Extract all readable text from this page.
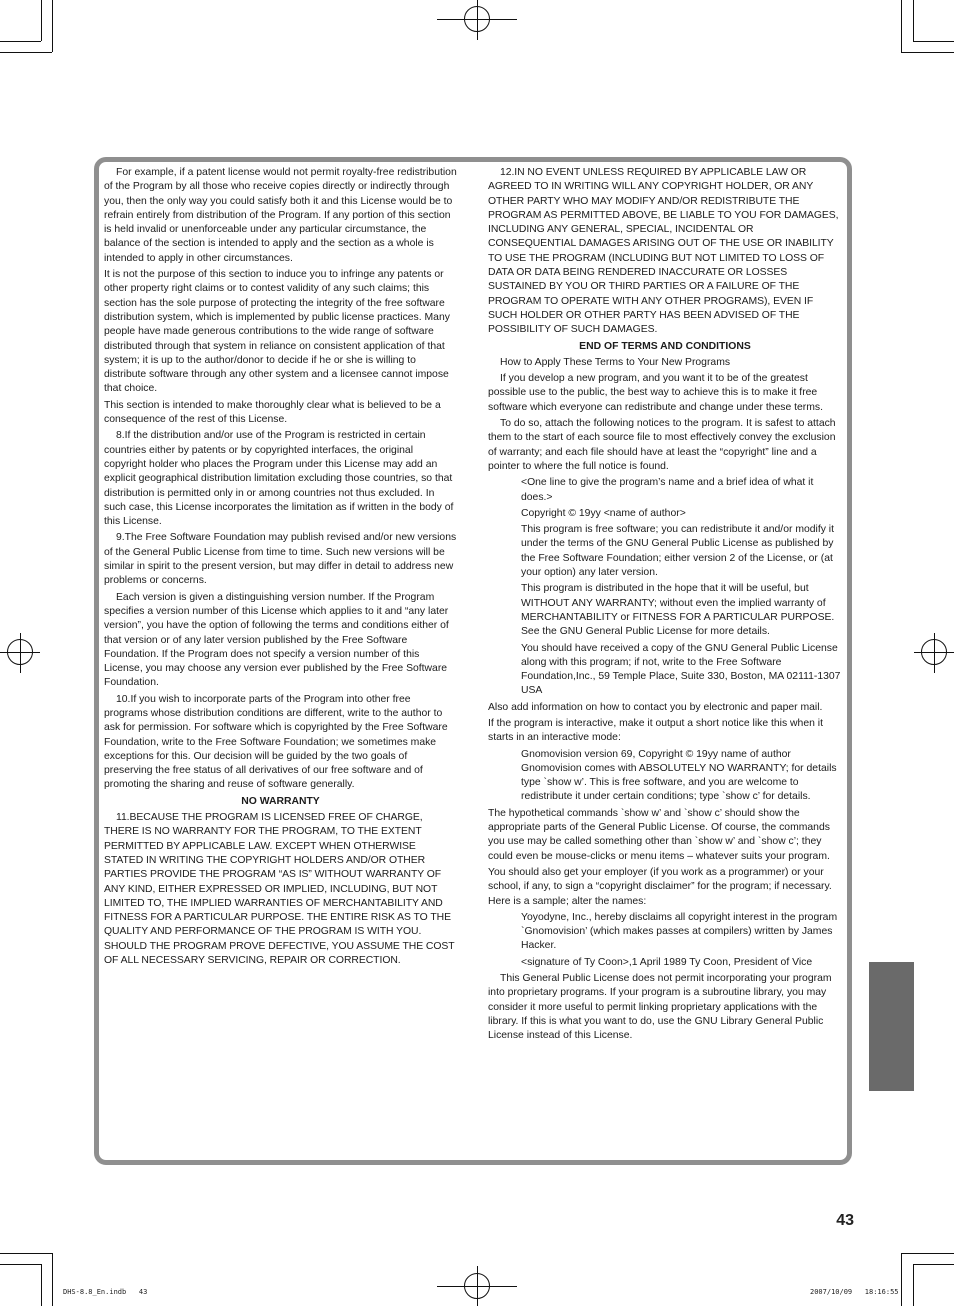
For example, if a patent license would not permit royalty-free redistribution of the Program by all those who receive copies directly or indirectly through you, then the only way you could satisfy both it and this License would be to refrain entirely from distribution of the Program. If any portion of this section is held invalid or unenforceable under any particular circumstance, the balance of the section is intended to apply and the section as a whole is intended to apply in other circumstances.

It is not the purpose of this section to induce you to infringe any patents or other property right claims or to contest validity of any such claims; this section has the sole purpose of protecting the integrity of the free software distribution system, which is implemented by public license practices. Many people have made generous contributions to the wide range of software distributed through that system in reliance on consistent application of that system; it is up to the author/donor to decide if he or she is willing to distribute software through any other system and a licensee cannot impose that choice.

This section is intended to make thoroughly clear what is believed to be a consequence of the rest of this License.

8.If the distribution and/or use of the Program is restricted in certain countries either by patents or by copyrighted interfaces, the original copyright holder who places the Program under this License may add an explicit geographical distribution limitation excluding those countries, so that distribution is permitted only in or among countries not thus excluded. In such case, this License incorporates the limitation as if written in the body of this License.

9.The Free Software Foundation may publish revised and/or new versions of the General Public License from time to time. Such new versions will be similar in spirit to the present version, but may differ in detail to address new problems or concerns.

Each version is given a distinguishing version number. If the Program specifies a version number of this License which applies to it and “any later version”, you have the option of following the terms and conditions either of that version or of any later version published by the Free Software Foundation. If the Program does not specify a version number of this License, you may choose any version ever published by the Free Software Foundation.

10.If you wish to incorporate parts of the Program into other free programs whose distribution conditions are different, write to the author to ask for permission. For software which is copyrighted by the Free Software Foundation, write to the Free Software Foundation; we sometimes make exceptions for this. Our decision will be guided by the two goals of preserving the free status of all derivatives of our free software and of promoting the sharing and reuse of software generally.

NO WARRANTY

11.BECAUSE THE PROGRAM IS LICENSED FREE OF CHARGE, THERE IS NO WARRANTY FOR THE PROGRAM, TO THE EXTENT PERMITTED BY APPLICABLE LAW. EXCEPT WHEN OTHERWISE STATED IN WRITING THE COPYRIGHT HOLDERS AND/OR OTHER PARTIES PROVIDE THE PROGRAM “AS IS” WITHOUT WARRANTY OF ANY KIND, EITHER EXPRESSED OR IMPLIED, INCLUDING, BUT NOT LIMITED TO, THE IMPLIED WARRANTIES OF MERCHANTABILITY AND FITNESS FOR A PARTICULAR PURPOSE. THE ENTIRE RISK AS TO THE QUALITY AND PERFORMANCE OF THE PROGRAM IS WITH YOU. SHOULD THE PROGRAM PROVE DEFECTIVE, YOU ASSUME THE COST OF ALL NECESSARY SERVICING, REPAIR OR CORRECTION.

12.IN NO EVENT UNLESS REQUIRED BY APPLICABLE LAW OR AGREED TO IN WRITING WILL ANY COPYRIGHT HOLDER, OR ANY OTHER PARTY WHO MAY MODIFY AND/OR REDISTRIBUTE THE PROGRAM AS PERMITTED ABOVE, BE LIABLE TO YOU FOR DAMAGES, INCLUDING ANY GENERAL, SPECIAL, INCIDENTAL OR CONSEQUENTIAL DAMAGES ARISING OUT OF THE USE OR INABILITY TO USE THE PROGRAM (INCLUDING BUT NOT LIMITED TO LOSS OF DATA OR DATA BEING RENDERED INACCURATE OR LOSSES SUSTAINED BY YOU OR THIRD PARTIES OR A FAILURE OF THE PROGRAM TO OPERATE WITH ANY OTHER PROGRAMS), EVEN IF SUCH HOLDER OR OTHER PARTY HAS BEEN ADVISED OF THE POSSIBILITY OF SUCH DAMAGES.

END OF TERMS AND CONDITIONS

How to Apply These Terms to Your New Programs

If you develop a new program, and you want it to be of the greatest possible use to the public, the best way to achieve this is to make it free software which everyone can redistribute and change under these terms.

To do so, attach the following notices to the program. It is safest to attach them to the start of each source file to most effectively convey the exclusion of warranty; and each file should have at least the “copyright” line and a pointer to where the full notice is found.

<One line to give the program’s name and a brief idea of what it does.>

Copyright © 19yy <name of author>

This program is free software; you can redistribute it and/or modify it under the terms of the GNU General Public License as published by the Free Software Foundation; either version 2 of the License, or (at your option) any later version.

This program is distributed in the hope that it will be useful, but WITHOUT ANY WARRANTY; without even the implied warranty of MERCHANTABILITY or FITNESS FOR A PARTICULAR PURPOSE. See the GNU General Public License for more details.

You should have received a copy of the GNU General Public License along with this program; if not, write to the Free Software Foundation,Inc., 59 Temple Place, Suite 330, Boston, MA 02111-1307 USA

Also add information on how to contact you by electronic and paper mail.

If the program is interactive, make it output a short notice like this when it starts in an interactive mode:

Gnomovision version 69, Copyright © 19yy name of author Gnomovision comes with ABSOLUTELY NO WARRANTY; for details type `show w’. This is free software, and you are welcome to redistribute it under certain conditions; type `show c’ for details.

The hypothetical commands `show w’ and `show c’ should show the appropriate parts of the General Public License. Of course, the commands you use may be called something other than `show w’ and `show c’; they could even be mouse-clicks or menu items – whatever suits your program.

You should also get your employer (if you work as a programmer) or your school, if any, to sign a “copyright disclaimer” for the program; if necessary. Here is a sample; alter the names:

Yoyodyne, Inc., hereby disclaims all copyright interest in the program `Gnomovision’ (which makes passes at compilers) written by James Hacker.

<signature of Ty Coon>,1 April 1989 Ty Coon, President of Vice

This General Public License does not permit incorporating your program into proprietary programs. If your program is a subroutine library, you may consider it more useful to permit linking proprietary applications with the library. If this is what you want to do, use the GNU Library General Public License instead of this License.

43
DHS-8.8_En.indb   43	2007/10/09   18:16:55
